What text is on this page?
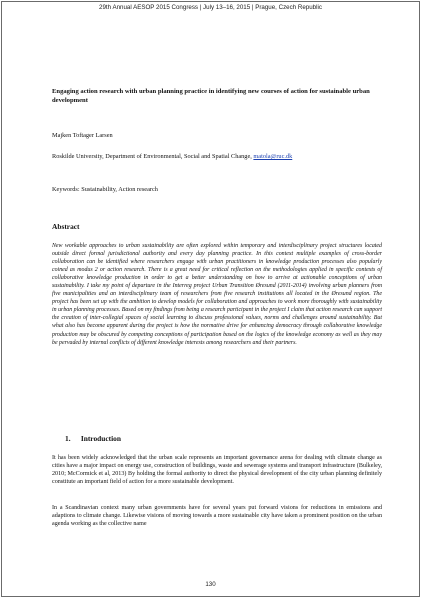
29th Annual AESOP 2015 Congress | July 13–16, 2015 | Prague, Czech Republic
Engaging action research with urban planning practice in identifying new courses of action for sustainable urban development
Majken Toftager Larsen
Roskilde University, Department of Environmental, Social and Spatial Change, matola@ruc.dk
Keywords: Sustainability, Action research
Abstract

New workable approaches to urban sustainability are often explored within temporary and interdisciplinary project structures located outside direct formal jurisdictional authority and every day planning practice. In this context multiple examples of cross-border collaboration can be identified where researchers engage with urban practitioners in knowledge production processes also popularly coined as modus 2 or action research. There is a great need for critical reflection on the methodologies applied in specific contexts of collaborative knowledge production in order to get a better understanding on how to arrive at actionable conceptions of urban sustainability. I take my point of departure in the Interreg project Urban Transition Øresund (2011-2014) involving urban planners from five municipalities and an interdisciplinary team of researchers from five research institutions all located in the Øresund region. The project has been set up with the ambition to develop models for collaboration and approaches to work more thoroughly with sustainability in urban planning processes. Based on my findings from being a research participant in the project I claim that action research can support the creation of inter-collegial spaces of social learning to discuss professional values, norms and challenges around sustainability. But what also has become apparent during the project is how the normative drive for enhancing democracy through collaborative knowledge production may be obscured by competing conceptions of participation based on the logics of the knowledge economy as well as they may be pervaded by internal conflicts of different knowledge interests among researchers and their partners.

1. Introduction

It has been widely acknowledged that the urban scale represents an important governance arena for dealing with climate change as cities have a major impact on energy use, construction of buildings, waste and sewerage systems and transport infrastructure (Bulkeley, 2010; McCormick et al, 2013) By holding the formal authority to direct the physical development of the city urban planning definitely constitute an important field of action for a more sustainable development.

In a Scandinavian context many urban governments have for several years put forward visions for reductions in emissions and adaptions to climate change. Likewise visions of moving towards a more sustainable city have taken a prominent position on the urban agenda working as the collective name

130
